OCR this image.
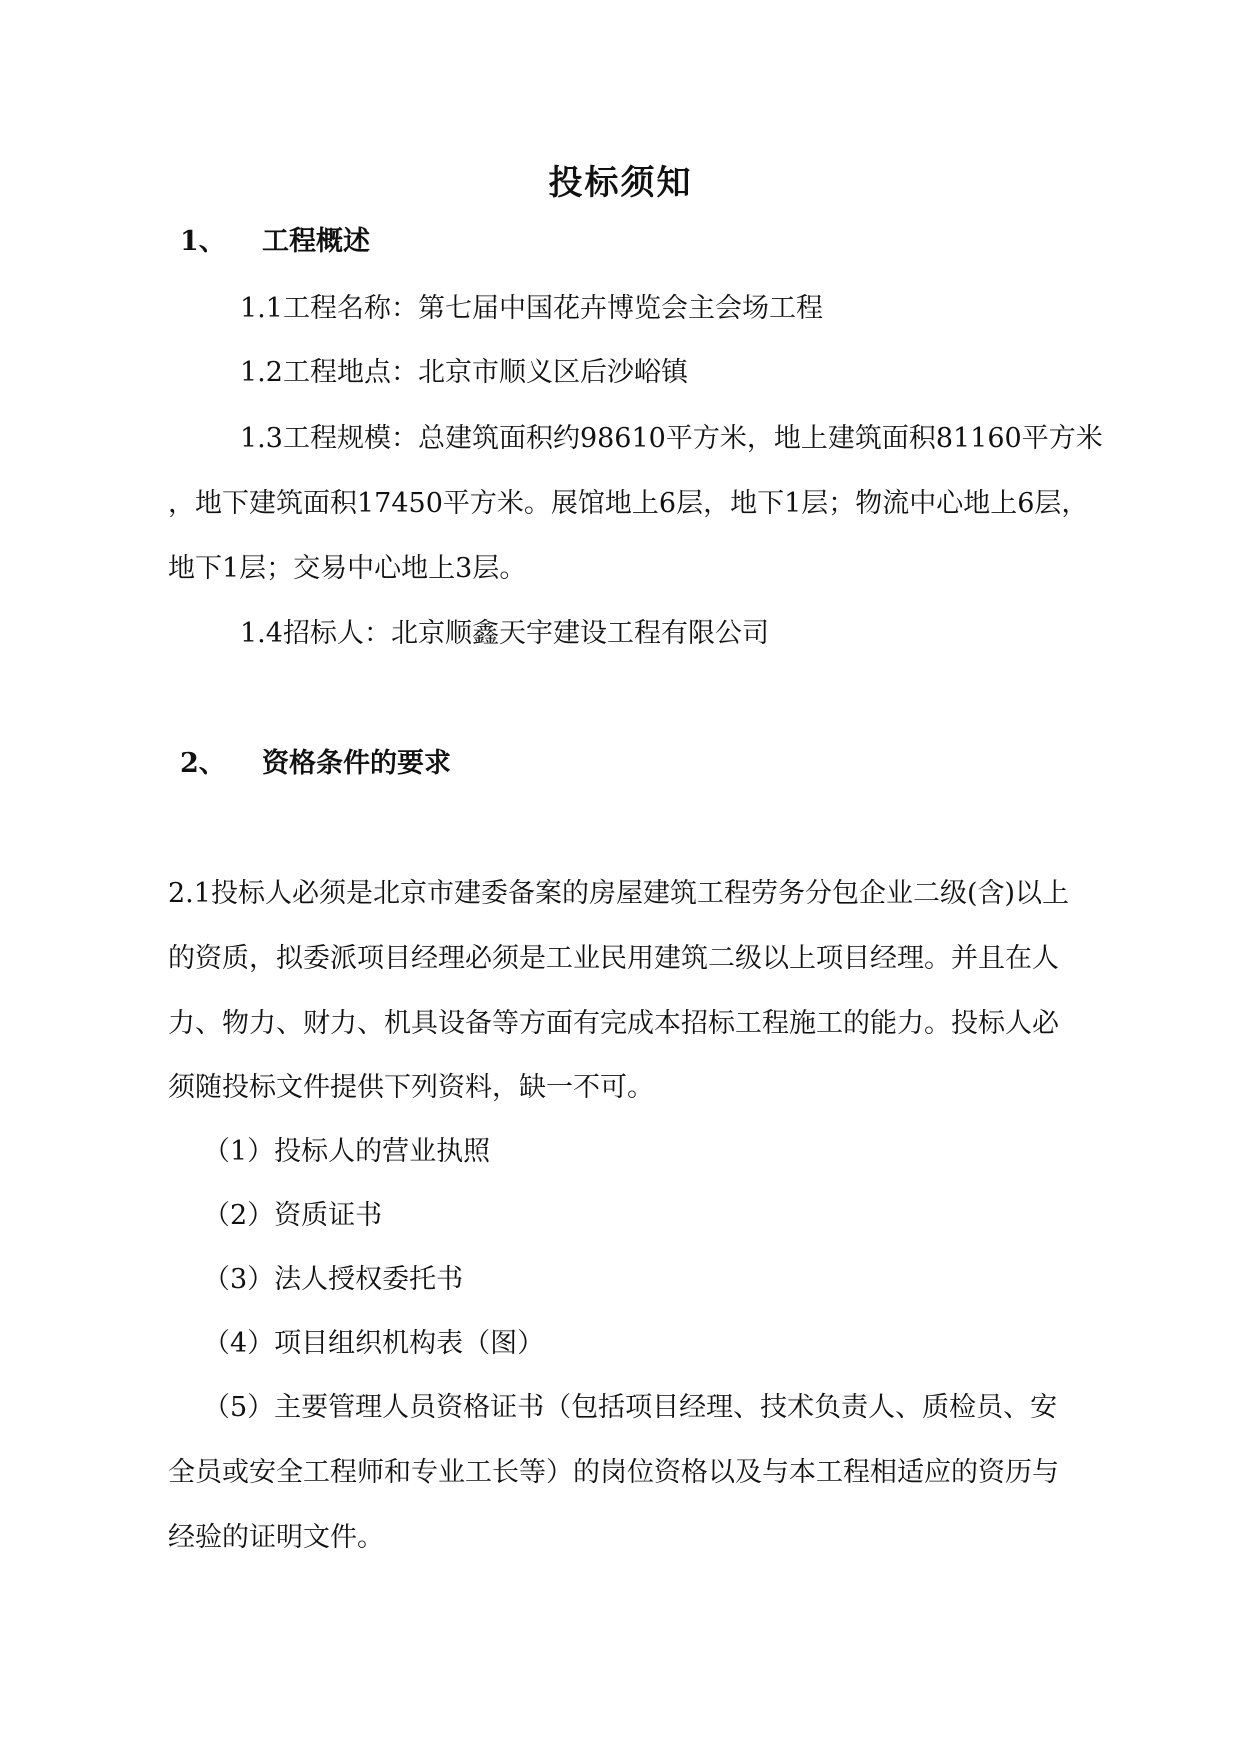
投标须知
1、 工程概述
1.1工程名称：第七届中国花卉博览会主会场工程
1.2工程地点：北京市顺义区后沙峪镇
1.3工程规模：总建筑面积约98610平方米，地上建筑面积81160平方米
，地下建筑面积17450平方米。展馆地上6层，地下1层；物流中心地上6层，
地下1层；交易中心地上3层。
1.4招标人：北京顺鑫天宇建设工程有限公司
2、 资格条件的要求
2.1投标人必须是北京市建委备案的房屋建筑工程劳务分包企业二级(含)以上
的资质，拟委派项目经理必须是工业民用建筑二级以上项目经理。并且在人
力、物力、财力、机具设备等方面有完成本招标工程施工的能力。投标人必
须随投标文件提供下列资料，缺一不可。
（1）投标人的营业执照
（2）资质证书
（3）法人授权委托书
（4）项目组织机构表（图）
（5）主要管理人员资格证书（包括项目经理、技术负责人、质检员、安
全员或安全工程师和专业工长等）的岗位资格以及与本工程相适应的资历与
经验的证明文件。
